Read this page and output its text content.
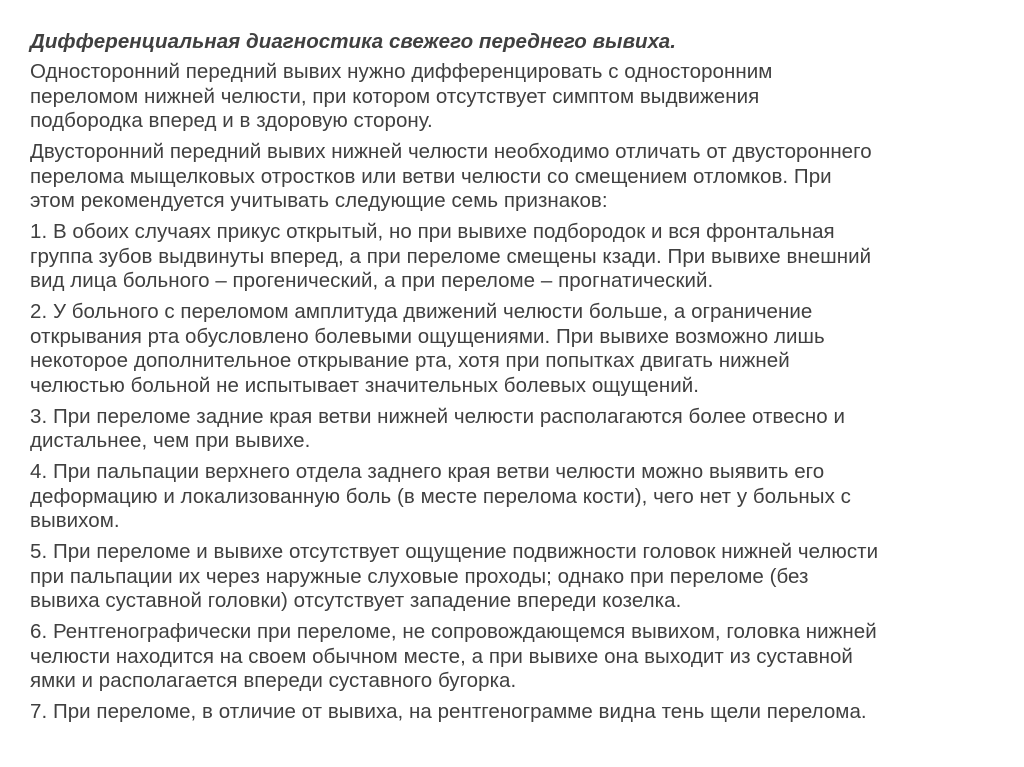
Дифференциальная диагностика свежего переднего вывиха.
Односторонний передний вывих нужно дифференцировать с односторонним
переломом нижней челюсти, при котором отсутствует симптом выдвижения
подбородка вперед и в здоровую сторону.
Двусторонний передний вывих нижней челюсти необходимо отличать от двустороннего
перелома мыщелковых отростков или ветви челюсти со смещением отломков. При
этом рекомендуется учитывать следующие семь признаков:
1. В обоих случаях прикус открытый, но при вывихе подбородок и вся фронтальная
группа зубов выдвинуты вперед, а при переломе смещены кзади. При вывихе внешний
вид лица больного – прогенический, а при переломе – прогнатический.
2. У больного с переломом амплитуда движений челюсти больше, а ограничение
открывания рта обусловлено болевыми ощущениями. При вывихе возможно лишь
некоторое дополнительное открывание рта, хотя при попытках двигать нижней
челюстью больной не испытывает значительных болевых ощущений.
3. При переломе задние края ветви нижней челюсти располагаются более отвесно и
дистальнее, чем при вывихе.
4. При пальпации верхнего отдела заднего края ветви челюсти можно выявить его
деформацию и локализованную боль (в месте перелома кости), чего нет у больных с
вывихом.
5. При переломе и вывихе отсутствует ощущение подвижности головок нижней челюсти
при пальпации их через наружные слуховые проходы; однако при переломе (без
вывиха суставной головки) отсутствует западение впереди козелка.
6. Рентгенографически при переломе, не сопровождающемся вывихом, головка нижней
челюсти находится на своем обычном месте, а при вывихе она выходит из суставной
ямки и располагается впереди суставного бугорка.
7. При переломе, в отличие от вывиха, на рентгенограмме видна тень щели перелома.
